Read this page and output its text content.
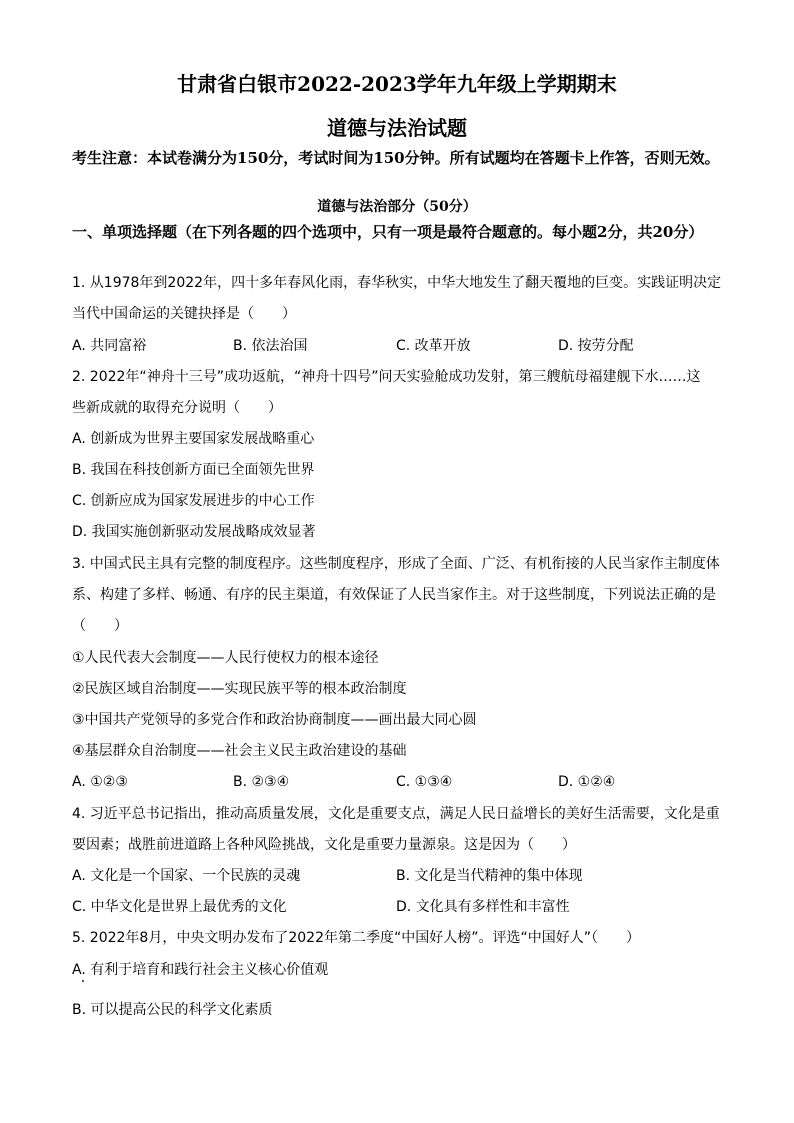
甘肃省白银市2022-2023学年九年级上学期期末
道德与法治试题
考生注意：本试卷满分为150分，考试时间为150分钟。所有试题均在答题卡上作答，否则无效。
道德与法治部分（50分）
一、单项选择题（在下列各题的四个选项中，只有一项是最符合题意的。每小题2分，共20分）
1. 从1978年到2022年，四十多年春风化雨，春华秋实，中华大地发生了翻天覆地的巨变。实践证明决定
当代中国命运的关键抉择是（　　）
A. 共同富裕	B. 依法治国	C. 改革开放	D. 按劳分配
2. 2022年“神舟十三号”成功返航，“神舟十四号”问天实验舱成功发射，第三艘航母福建舰下水……这
些新成就的取得充分说明（　　）
A. 创新成为世界主要国家发展战略重心
B. 我国在科技创新方面已全面领先世界
C. 创新应成为国家发展进步的中心工作
D. 我国实施创新驱动发展战略成效显著
3. 中国式民主具有完整的制度程序。这些制度程序，形成了全面、广泛、有机衔接的人民当家作主制度体
系、构建了多样、畅通、有序的民主渠道，有效保证了人民当家作主。对于这些制度，下列说法正确的是
（　　）
①人民代表大会制度——人民行使权力的根本途径
②民族区域自治制度——实现民族平等的根本政治制度
③中国共产党领导的多党合作和政治协商制度——画出最大同心圆
④基层群众自治制度——社会主义民主政治建设的基础
A. ①②③	B. ②③④	C. ①③④	D. ①②④
4. 习近平总书记指出，推动高质量发展，文化是重要支点，满足人民日益增长的美好生活需要，文化是重
要因素；战胜前进道路上各种风险挑战，文化是重要力量源泉。这是因为（　　）
A. 文化是一个国家、一个民族的灵魂	B. 文化是当代精神的集中体现
C. 中华文化是世界上最优秀的文化	D. 文化具有多样性和丰富性
5. 2022年8月，中央文明办发布了2022年第二季度“中国好人榜”。评选“中国好人”（　　）
A. 有利于培育和践行社会主义核心价值观
B. 可以提高公民的科学文化素质
